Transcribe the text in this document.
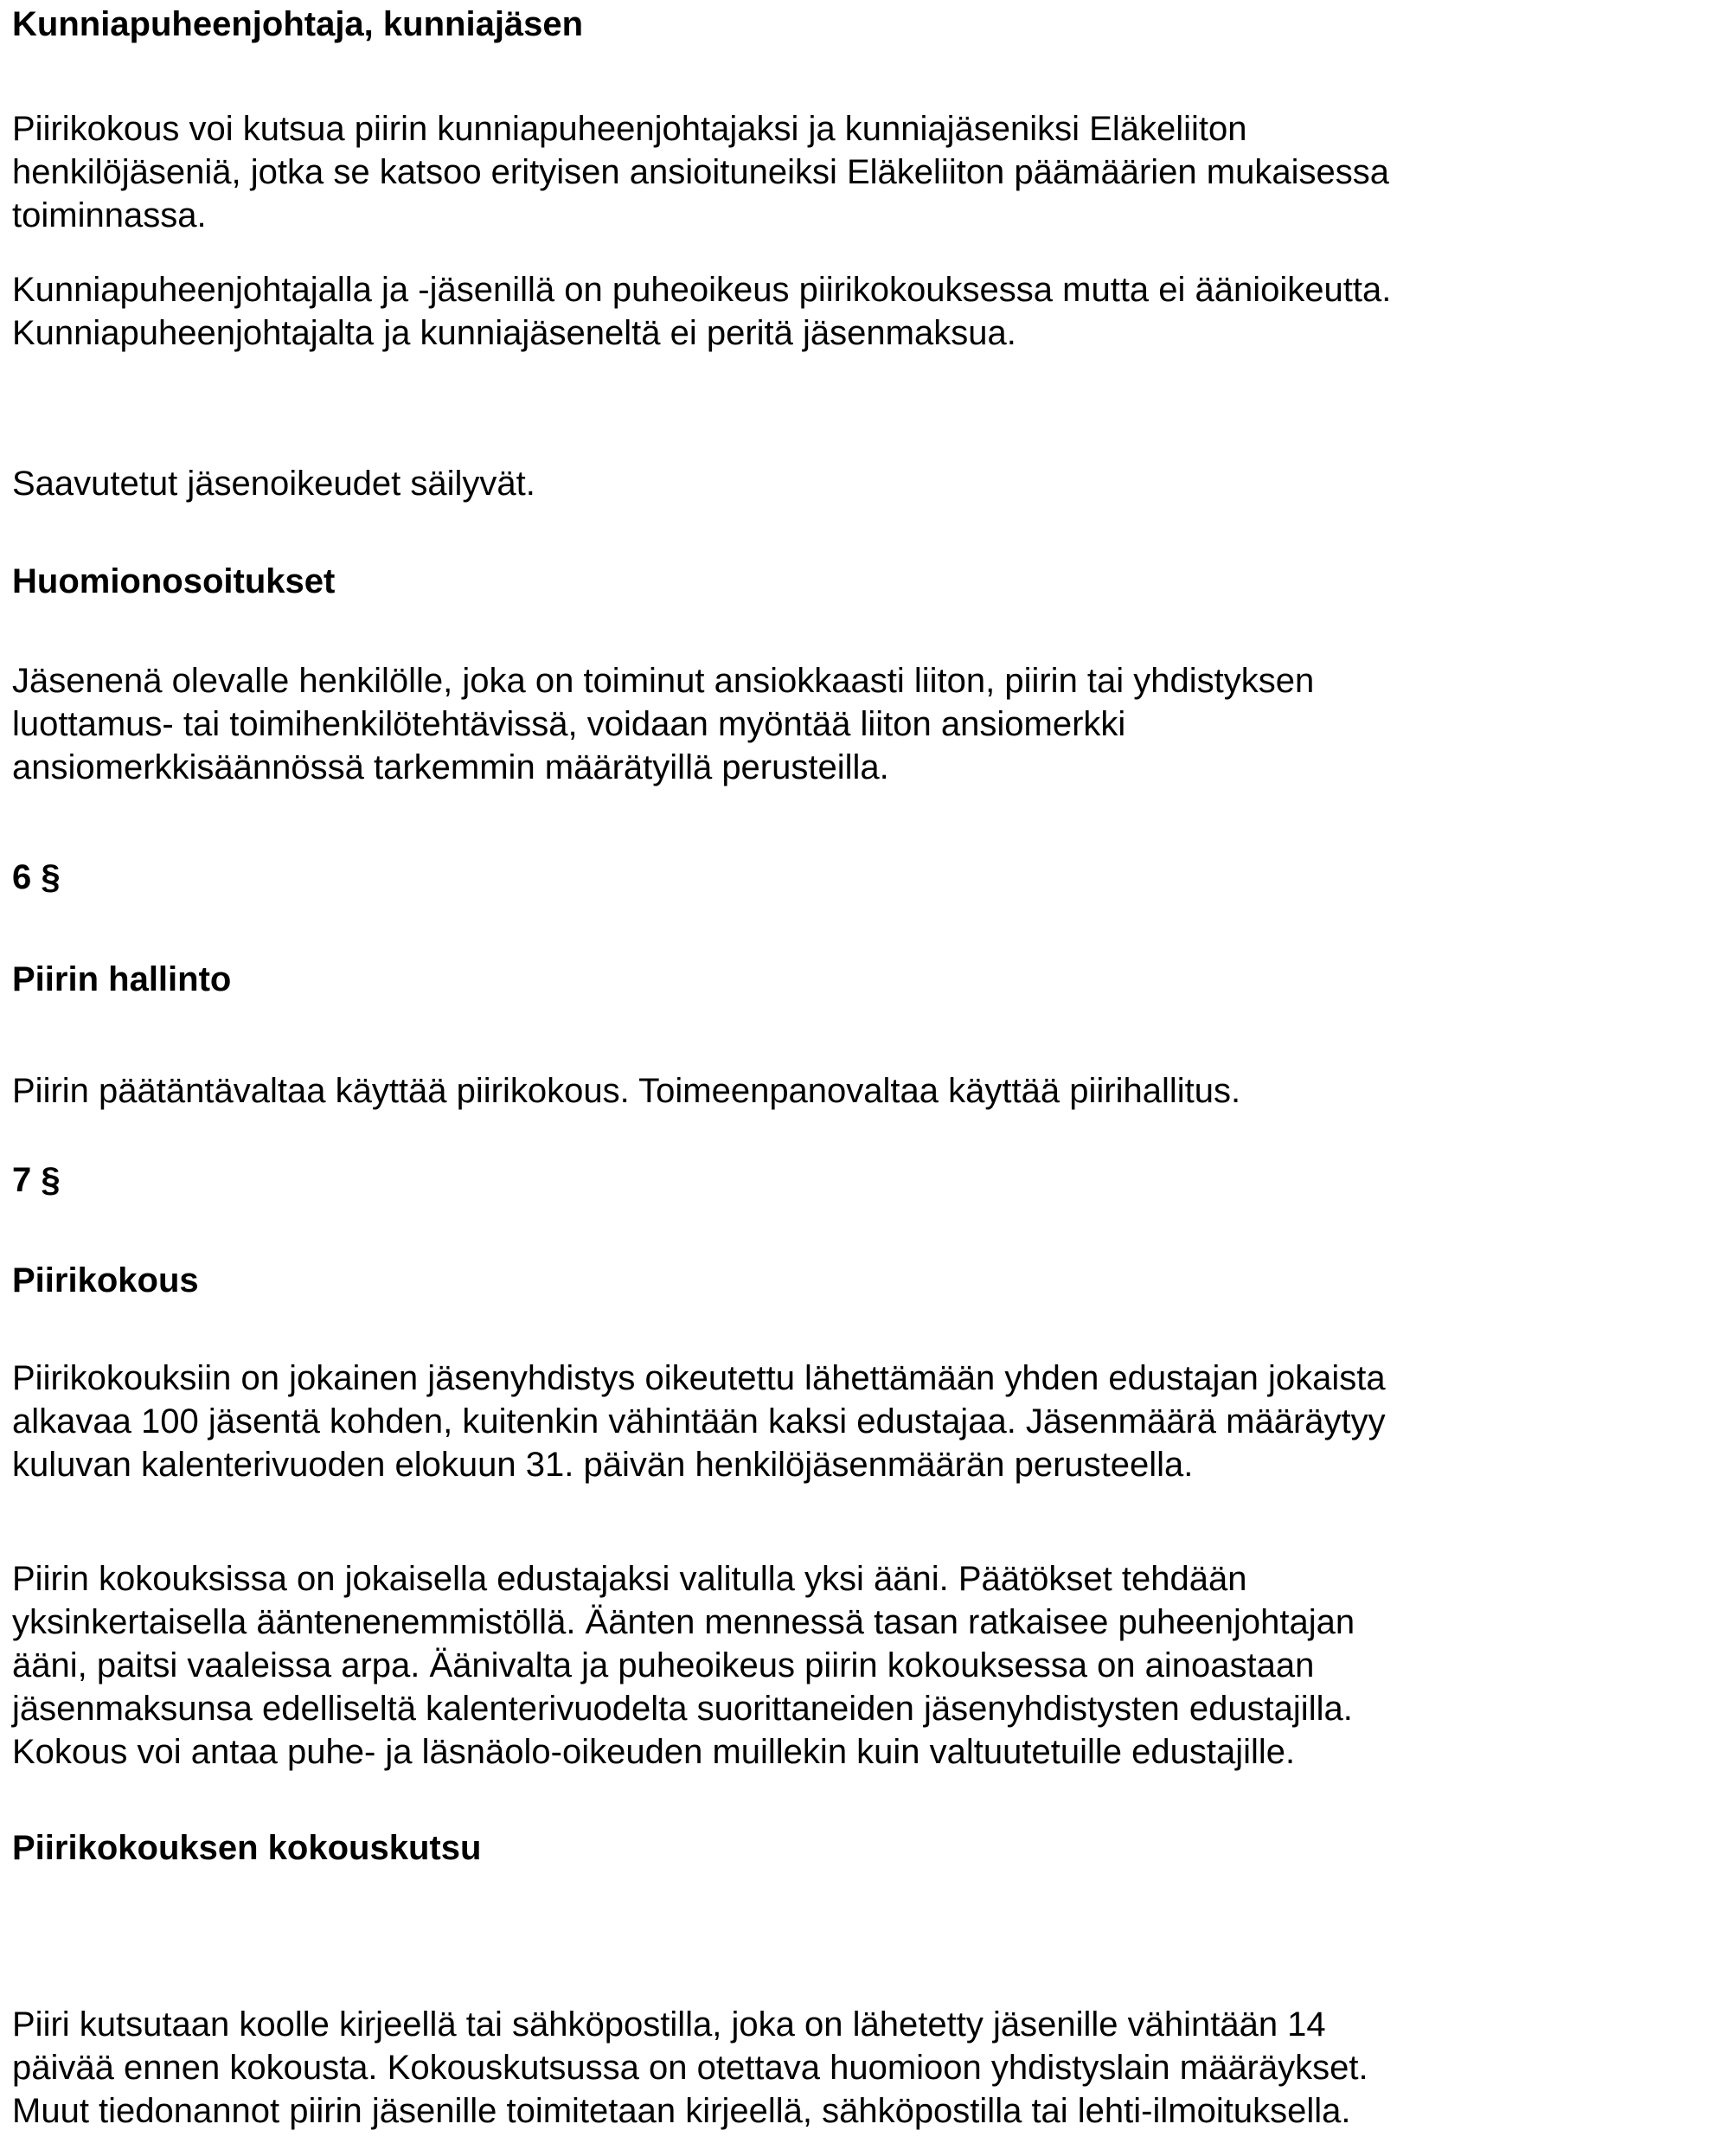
Kunniapuheenjohtaja, kunniajäsen

Piirikokous voi kutsua piirin kunniapuheenjohtajaksi ja kunniajäseniksi Eläkeliiton
henkilöjäseniä, jotka se katsoo erityisen ansioituneiksi Eläkeliiton päämäärien mukaisessa
toiminnassa.

Kunniapuheenjohtajalla ja -jäsenillä on puheoikeus piirikokouksessa mutta ei äänioikeutta.
Kunniapuheenjohtajalta ja kunniajäseneltä ei peritä jäsenmaksua.

Saavutetut jäsenoikeudet säilyvät.

Huomionosoitukset

Jäsenenä olevalle henkilölle, joka on toiminut ansiokkaasti liiton, piirin tai yhdistyksen
luottamus- tai toimihenkilötehtävissä, voidaan myöntää liiton ansiomerkki
ansiomerkkisäännössä tarkemmin määrätyillä perusteilla.

6 §
Piirin hallinto

Piirin päätäntävaltaa käyttää piirikokous. Toimeenpanovaltaa käyttää piirihallitus.

7 §
Piirikokous

Piirikokouksiin on jokainen jäsenyhdistys oikeutettu lähettämään yhden edustajan jokaista
alkavaa 100 jäsentä kohden, kuitenkin vähintään kaksi edustajaa. Jäsenmäärä määräytyy
kuluvan kalenterivuoden elokuun 31. päivän henkilöjäsenmäärän perusteella.

Piirin kokouksissa on jokaisella edustajaksi valitulla yksi ääni. Päätökset tehdään
yksinkertaisella ääntenenemmistöllä. Äänten mennessä tasan ratkaisee puheenjohtajan
ääni, paitsi vaaleissa arpa. Äänivalta ja puheoikeus piirin kokouksessa on ainoastaan
jäsenmaksunsa edelliseltä kalenterivuodelta suorittaneiden jäsenyhdistysten edustajilla.
Kokous voi antaa puhe- ja läsnäolo-oikeuden muillekin kuin valtuutetuille edustajille.

Piirikokouksen kokouskutsu

Piiri kutsutaan koolle kirjeellä tai sähköpostilla, joka on lähetetty jäsenille vähintään 14
päivää ennen kokousta. Kokouskutsussa on otettava huomioon yhdistyslain määräykset.
Muut tiedonannot piirin jäsenille toimitetaan kirjeellä, sähköpostilla tai lehti-ilmoituksella.
